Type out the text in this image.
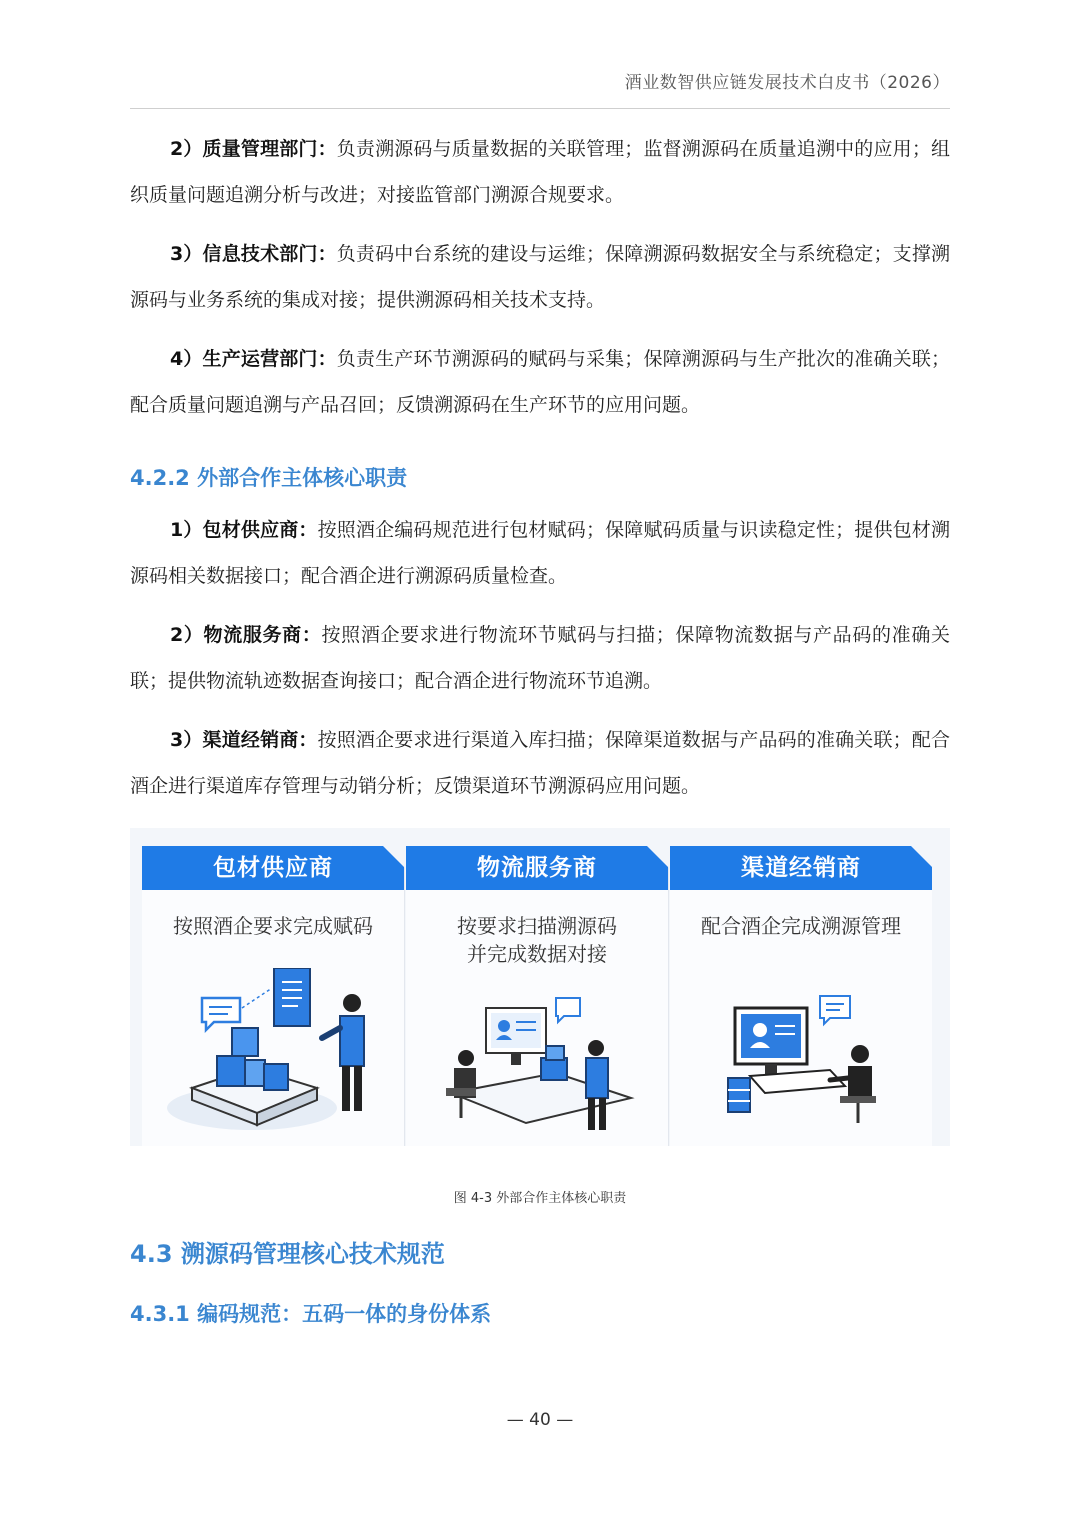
酒业数智供应链发展技术白皮书（2026）
2）质量管理部门：负责溯源码与质量数据的关联管理；监督溯源码在质量追溯中的应用；组织质量问题追溯分析与改进；对接监管部门溯源合规要求。
3）信息技术部门：负责码中台系统的建设与运维；保障溯源码数据安全与系统稳定；支撑溯源码与业务系统的集成对接；提供溯源码相关技术支持。
4）生产运营部门：负责生产环节溯源码的赋码与采集；保障溯源码与生产批次的准确关联；配合质量问题追溯与产品召回；反馈溯源码在生产环节的应用问题。
4.2.2 外部合作主体核心职责
1）包材供应商：按照酒企编码规范进行包材赋码；保障赋码质量与识读稳定性；提供包材溯源码相关数据接口；配合酒企进行溯源码质量检查。
2）物流服务商：按照酒企要求进行物流环节赋码与扫描；保障物流数据与产品码的准确关联；提供物流轨迹数据查询接口；配合酒企进行物流环节追溯。
3）渠道经销商：按照酒企要求进行渠道入库扫描；保障渠道数据与产品码的准确关联；配合酒企进行渠道库存管理与动销分析；反馈渠道环节溯源码应用问题。
包材供应商
按照酒企要求完成赋码
物流服务商
按要求扫描溯源码
并完成数据对接
渠道经销商
配合酒企完成溯源管理
图 4-3 外部合作主体核心职责
4.3 溯源码管理核心技术规范
4.3.1 编码规范：五码一体的身份体系
— 40 —
